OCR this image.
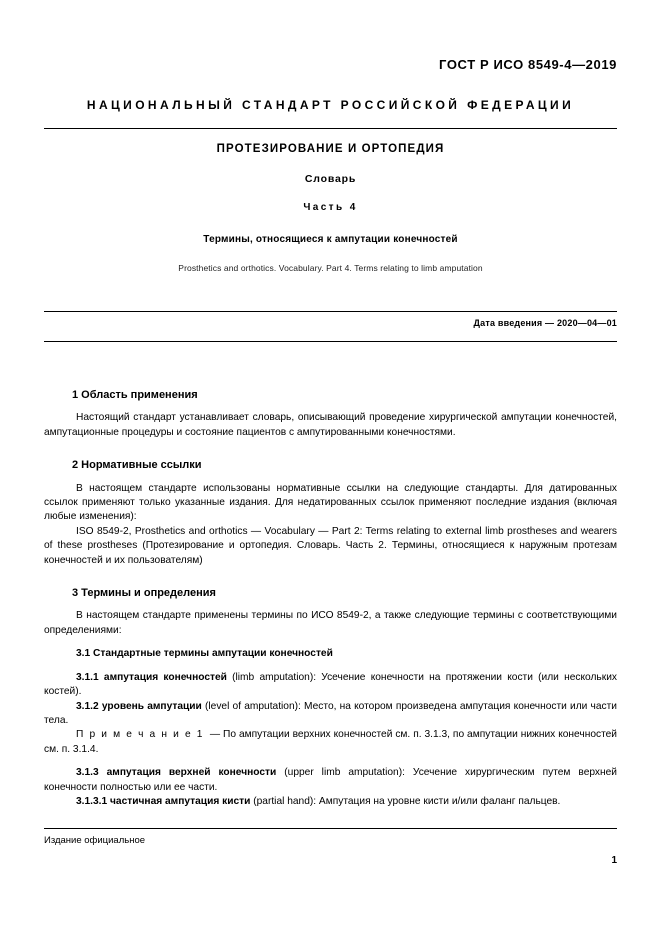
ГОСТ Р ИСО 8549-4—2019
НАЦИОНАЛЬНЫЙ СТАНДАРТ РОССИЙСКОЙ ФЕДЕРАЦИИ
ПРОТЕЗИРОВАНИЕ И ОРТОПЕДИЯ
Словарь
Часть 4
Термины, относящиеся к ампутации конечностей
Prosthetics and orthotics. Vocabulary. Part 4. Terms relating to limb amputation
Дата введения — 2020—04—01
1 Область применения

Настоящий стандарт устанавливает словарь, описывающий проведение хирургической ампутации конечностей, ампутационные процедуры и состояние пациентов с ампутированными конечностями.

2 Нормативные ссылки

В настоящем стандарте использованы нормативные ссылки на следующие стандарты. Для датированных ссылок применяют только указанные издания. Для недатированных ссылок применяют последние издания (включая любые изменения):

ISO 8549-2, Prosthetics and orthotics — Vocabulary — Part 2: Terms relating to external limb prostheses and wearers of these prostheses (Протезирование и ортопедия. Словарь. Часть 2. Термины, относящиеся к наружным протезам конечностей и их пользователям)

3 Термины и определения

В настоящем стандарте применены термины по ИСО 8549-2, а также следующие термины с соответствующими определениями:

3.1 Стандартные термины ампутации конечностей

3.1.1 ампутация конечностей (limb amputation): Усечение конечности на протяжении кости (или нескольких костей).

3.1.2 уровень ампутации (level of amputation): Место, на котором произведена ампутация конечности или части тела.

П р и м е ч а н и е 1 — По ампутации верхних конечностей см. п. 3.1.3, по ампутации нижних конечностей см. п. 3.1.4.

3.1.3 ампутация верхней конечности (upper limb amputation): Усечение хирургическим путем верхней конечности полностью или ее части.

3.1.3.1 частичная ампутация кисти (partial hand): Ампутация на уровне кисти и/или фаланг пальцев.

Издание официальное
1
